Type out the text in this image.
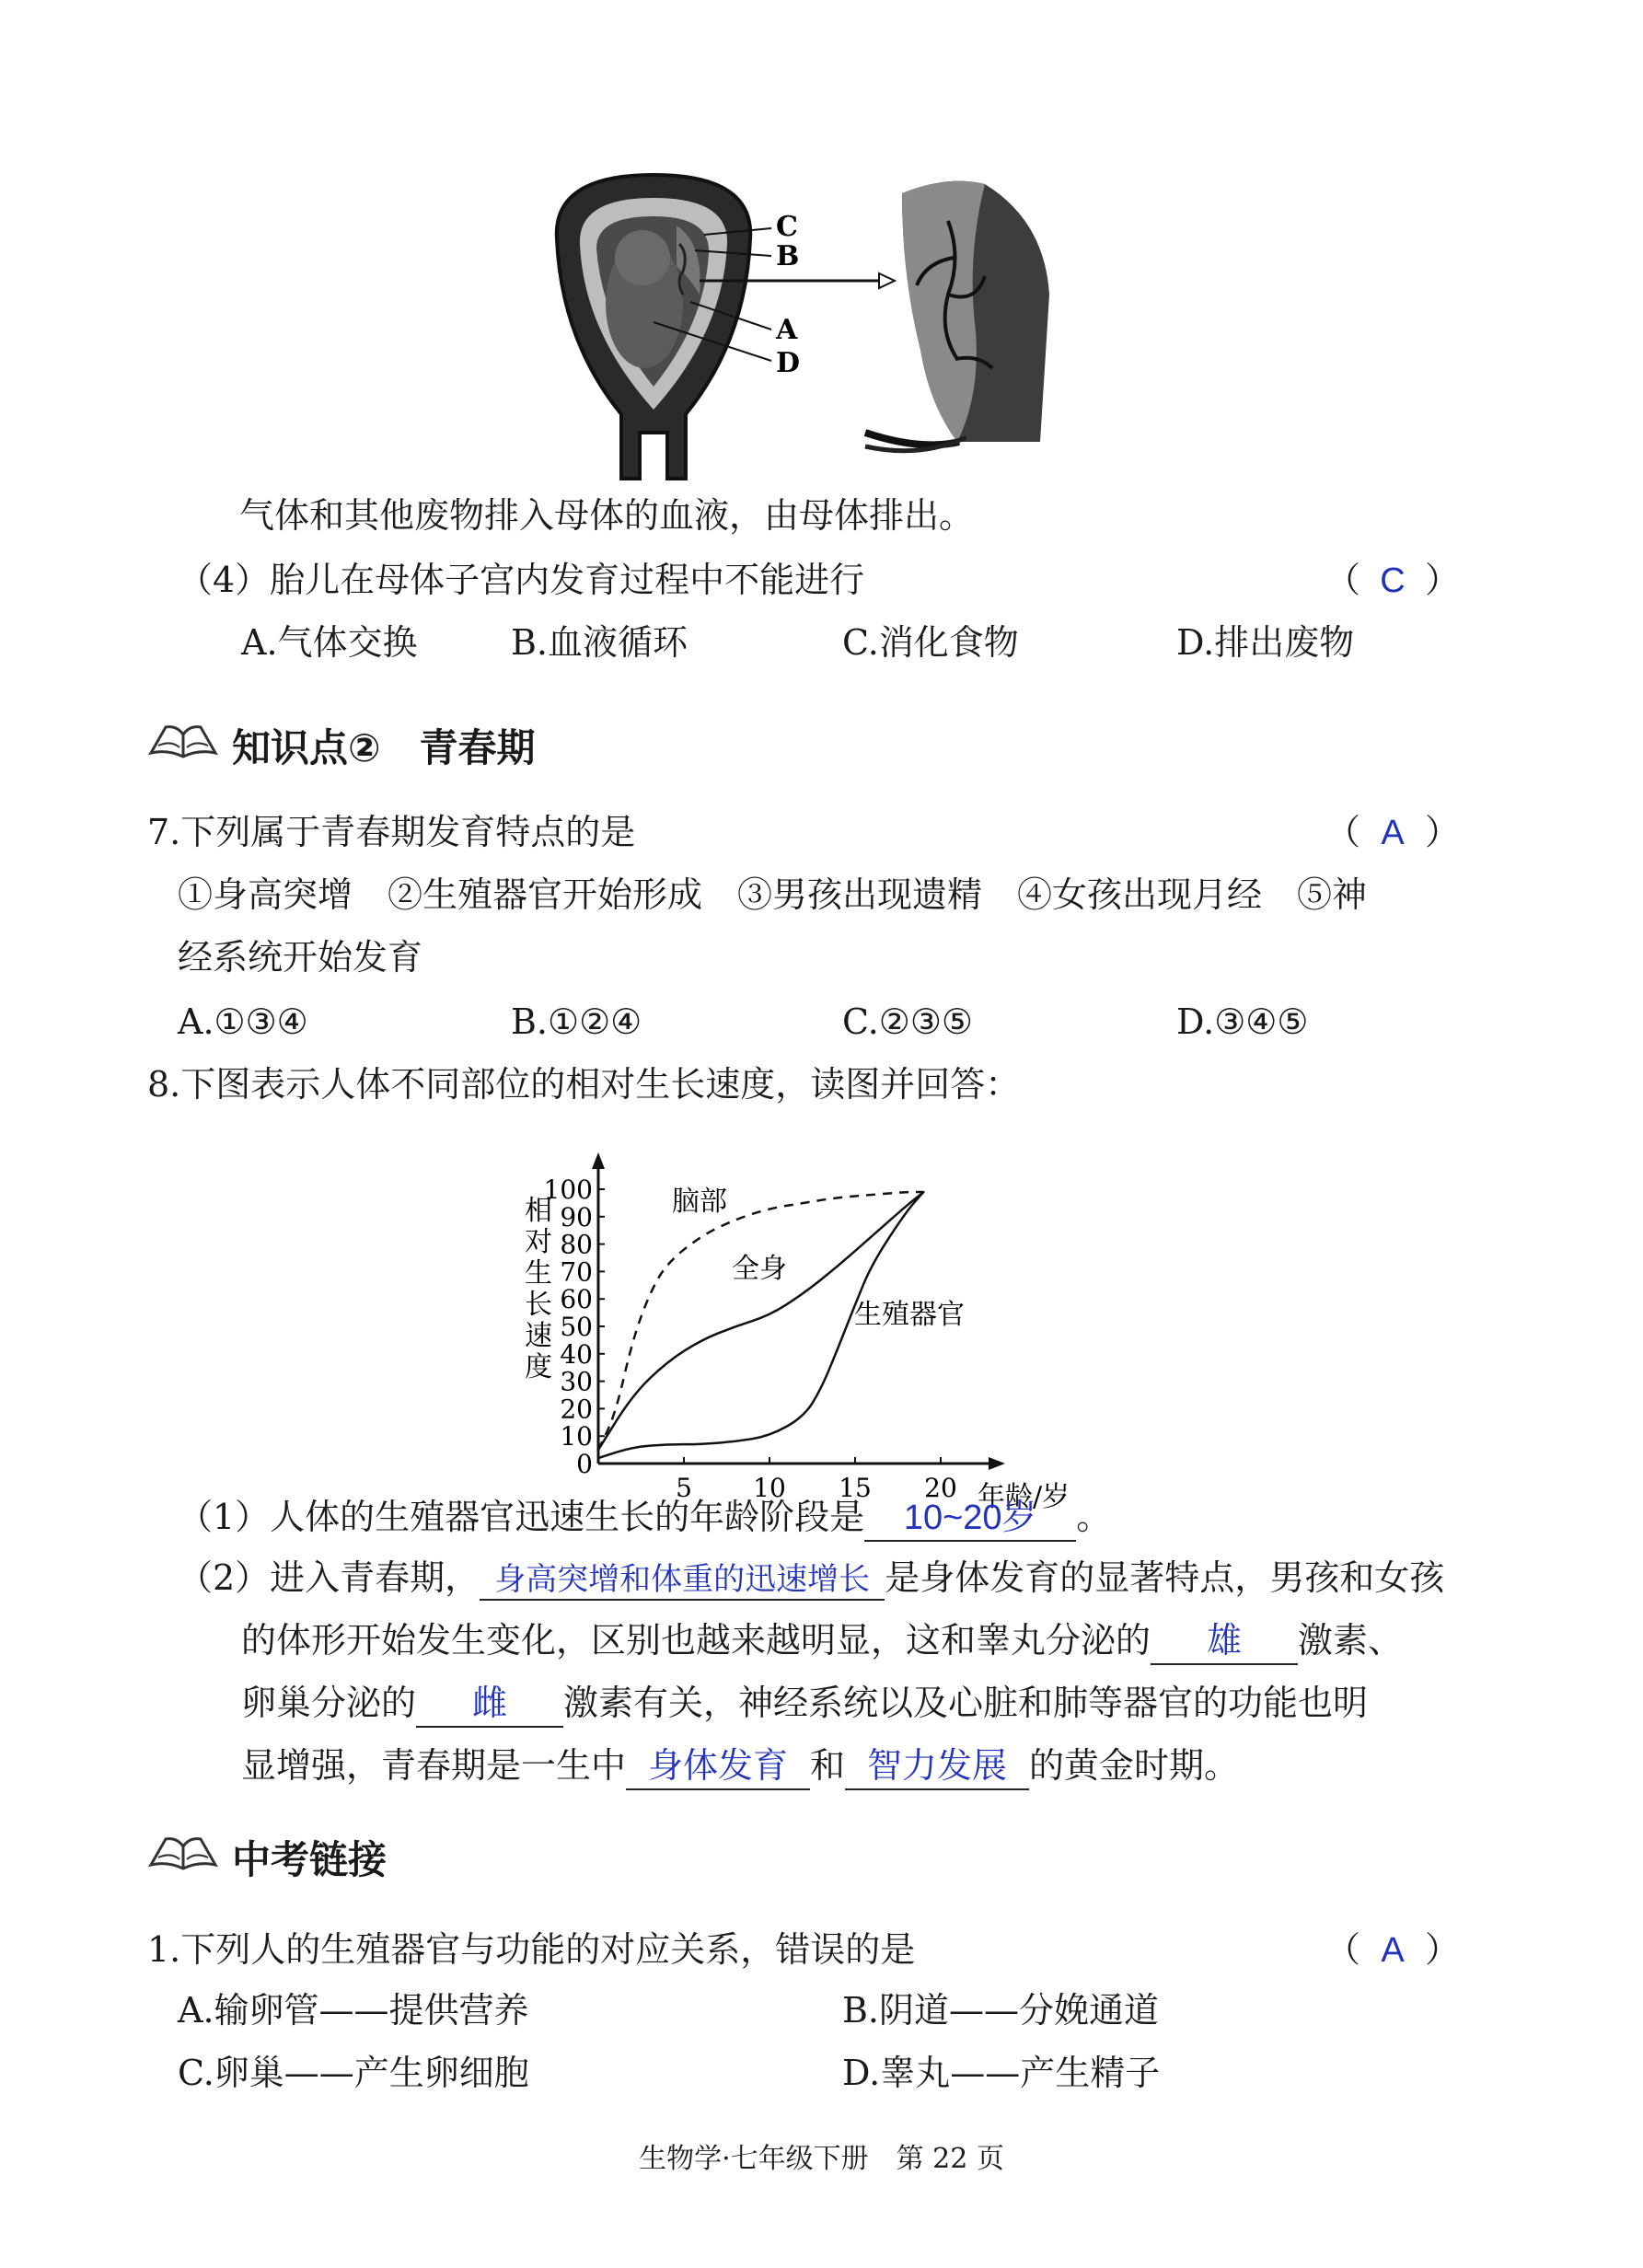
C
B
A
D
气体和其他废物排入母体的血液，由母体排出。
（4）胎儿在母体子宫内发育过程中不能进行	（ C ）
A.气体交换	B.血液循环	C.消化食物	D.排出废物
知识点②　青春期
7.下列属于青春期发育特点的是	（ A ）
①身高突增　②生殖器官开始形成　③男孩出现遗精　④女孩出现月经　⑤神
经系统开始发育
A.①③④	B.①②④	C.②③⑤	D.③④⑤
8.下图表示人体不同部位的相对生长速度，读图并回答：
0
10
20
30
40
50
60
70
80
90
100
5 10 15 20 年龄/岁
相对生长速度
脑部
全身
生殖器官
（1）人体的生殖器官迅速生长的年龄阶段是 10~20岁 。
（2）进入青春期， 身高突增和体重的迅速增长 是身体发育的显著特点，男孩和女孩
的体形开始发生变化，区别也越来越明显，这和睾丸分泌的 雄 激素、
卵巢分泌的 雌 激素有关，神经系统以及心脏和肺等器官的功能也明
显增强，青春期是一生中 身体发育 和 智力发展 的黄金时期。
中考链接
1.下列人的生殖器官与功能的对应关系，错误的是	（ A ）
A.输卵管——提供营养	B.阴道——分娩通道
C.卵巢——产生卵细胞	D.睾丸——产生精子
生物学·七年级下册　第 22 页
